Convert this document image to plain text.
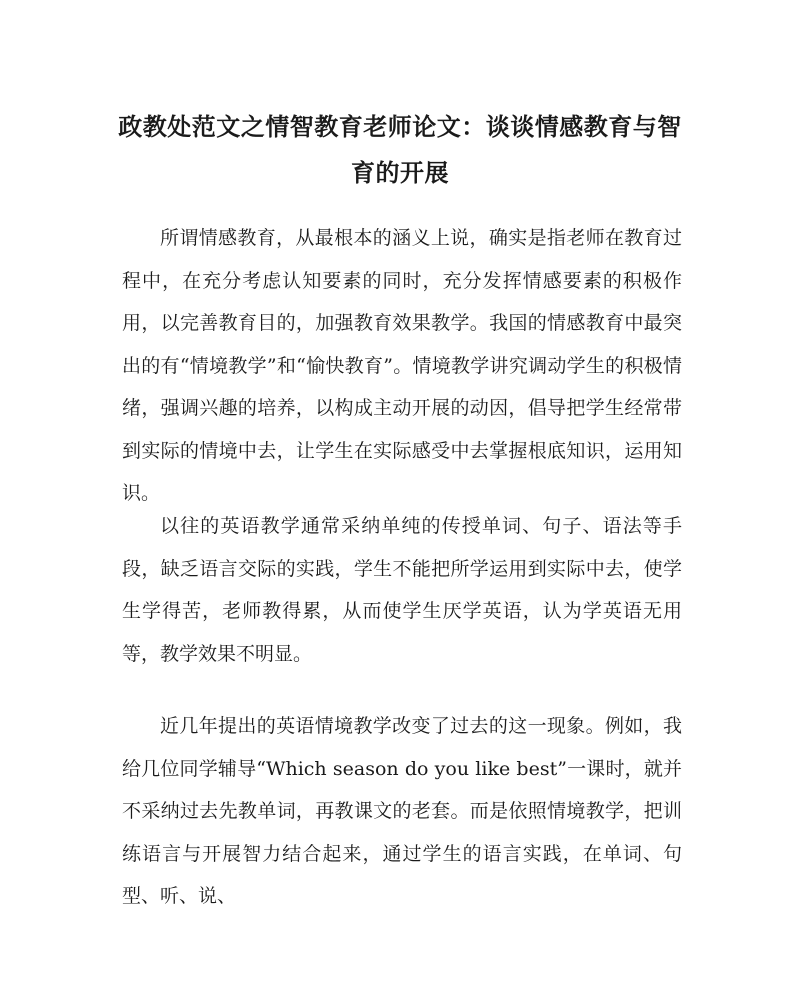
政教处范文之情智教育老师论文：谈谈情感教育与智育的开展

所谓情感教育，从最根本的涵义上说，确实是指老师在教育过程中，在充分考虑认知要素的同时，充分发挥情感要素的积极作用，以完善教育目的，加强教育效果教学。我国的情感教育中最突出的有“情境教学”和“愉快教育”。情境教学讲究调动学生的积极情绪，强调兴趣的培养，以构成主动开展的动因，倡导把学生经常带到实际的情境中去，让学生在实际感受中去掌握根底知识，运用知识。

以往的英语教学通常采纳单纯的传授单词、句子、语法等手段，缺乏语言交际的实践，学生不能把所学运用到实际中去，使学生学得苦，老师教得累，从而使学生厌学英语，认为学英语无用等，教学效果不明显。

近几年提出的英语情境教学改变了过去的这一现象。例如，我给几位同学辅导“Which season do you like best”一课时，就并不采纳过去先教单词，再教课文的老套。而是依照情境教学，把训练语言与开展智力结合起来，通过学生的语言实践，在单词、句型、听、说、
